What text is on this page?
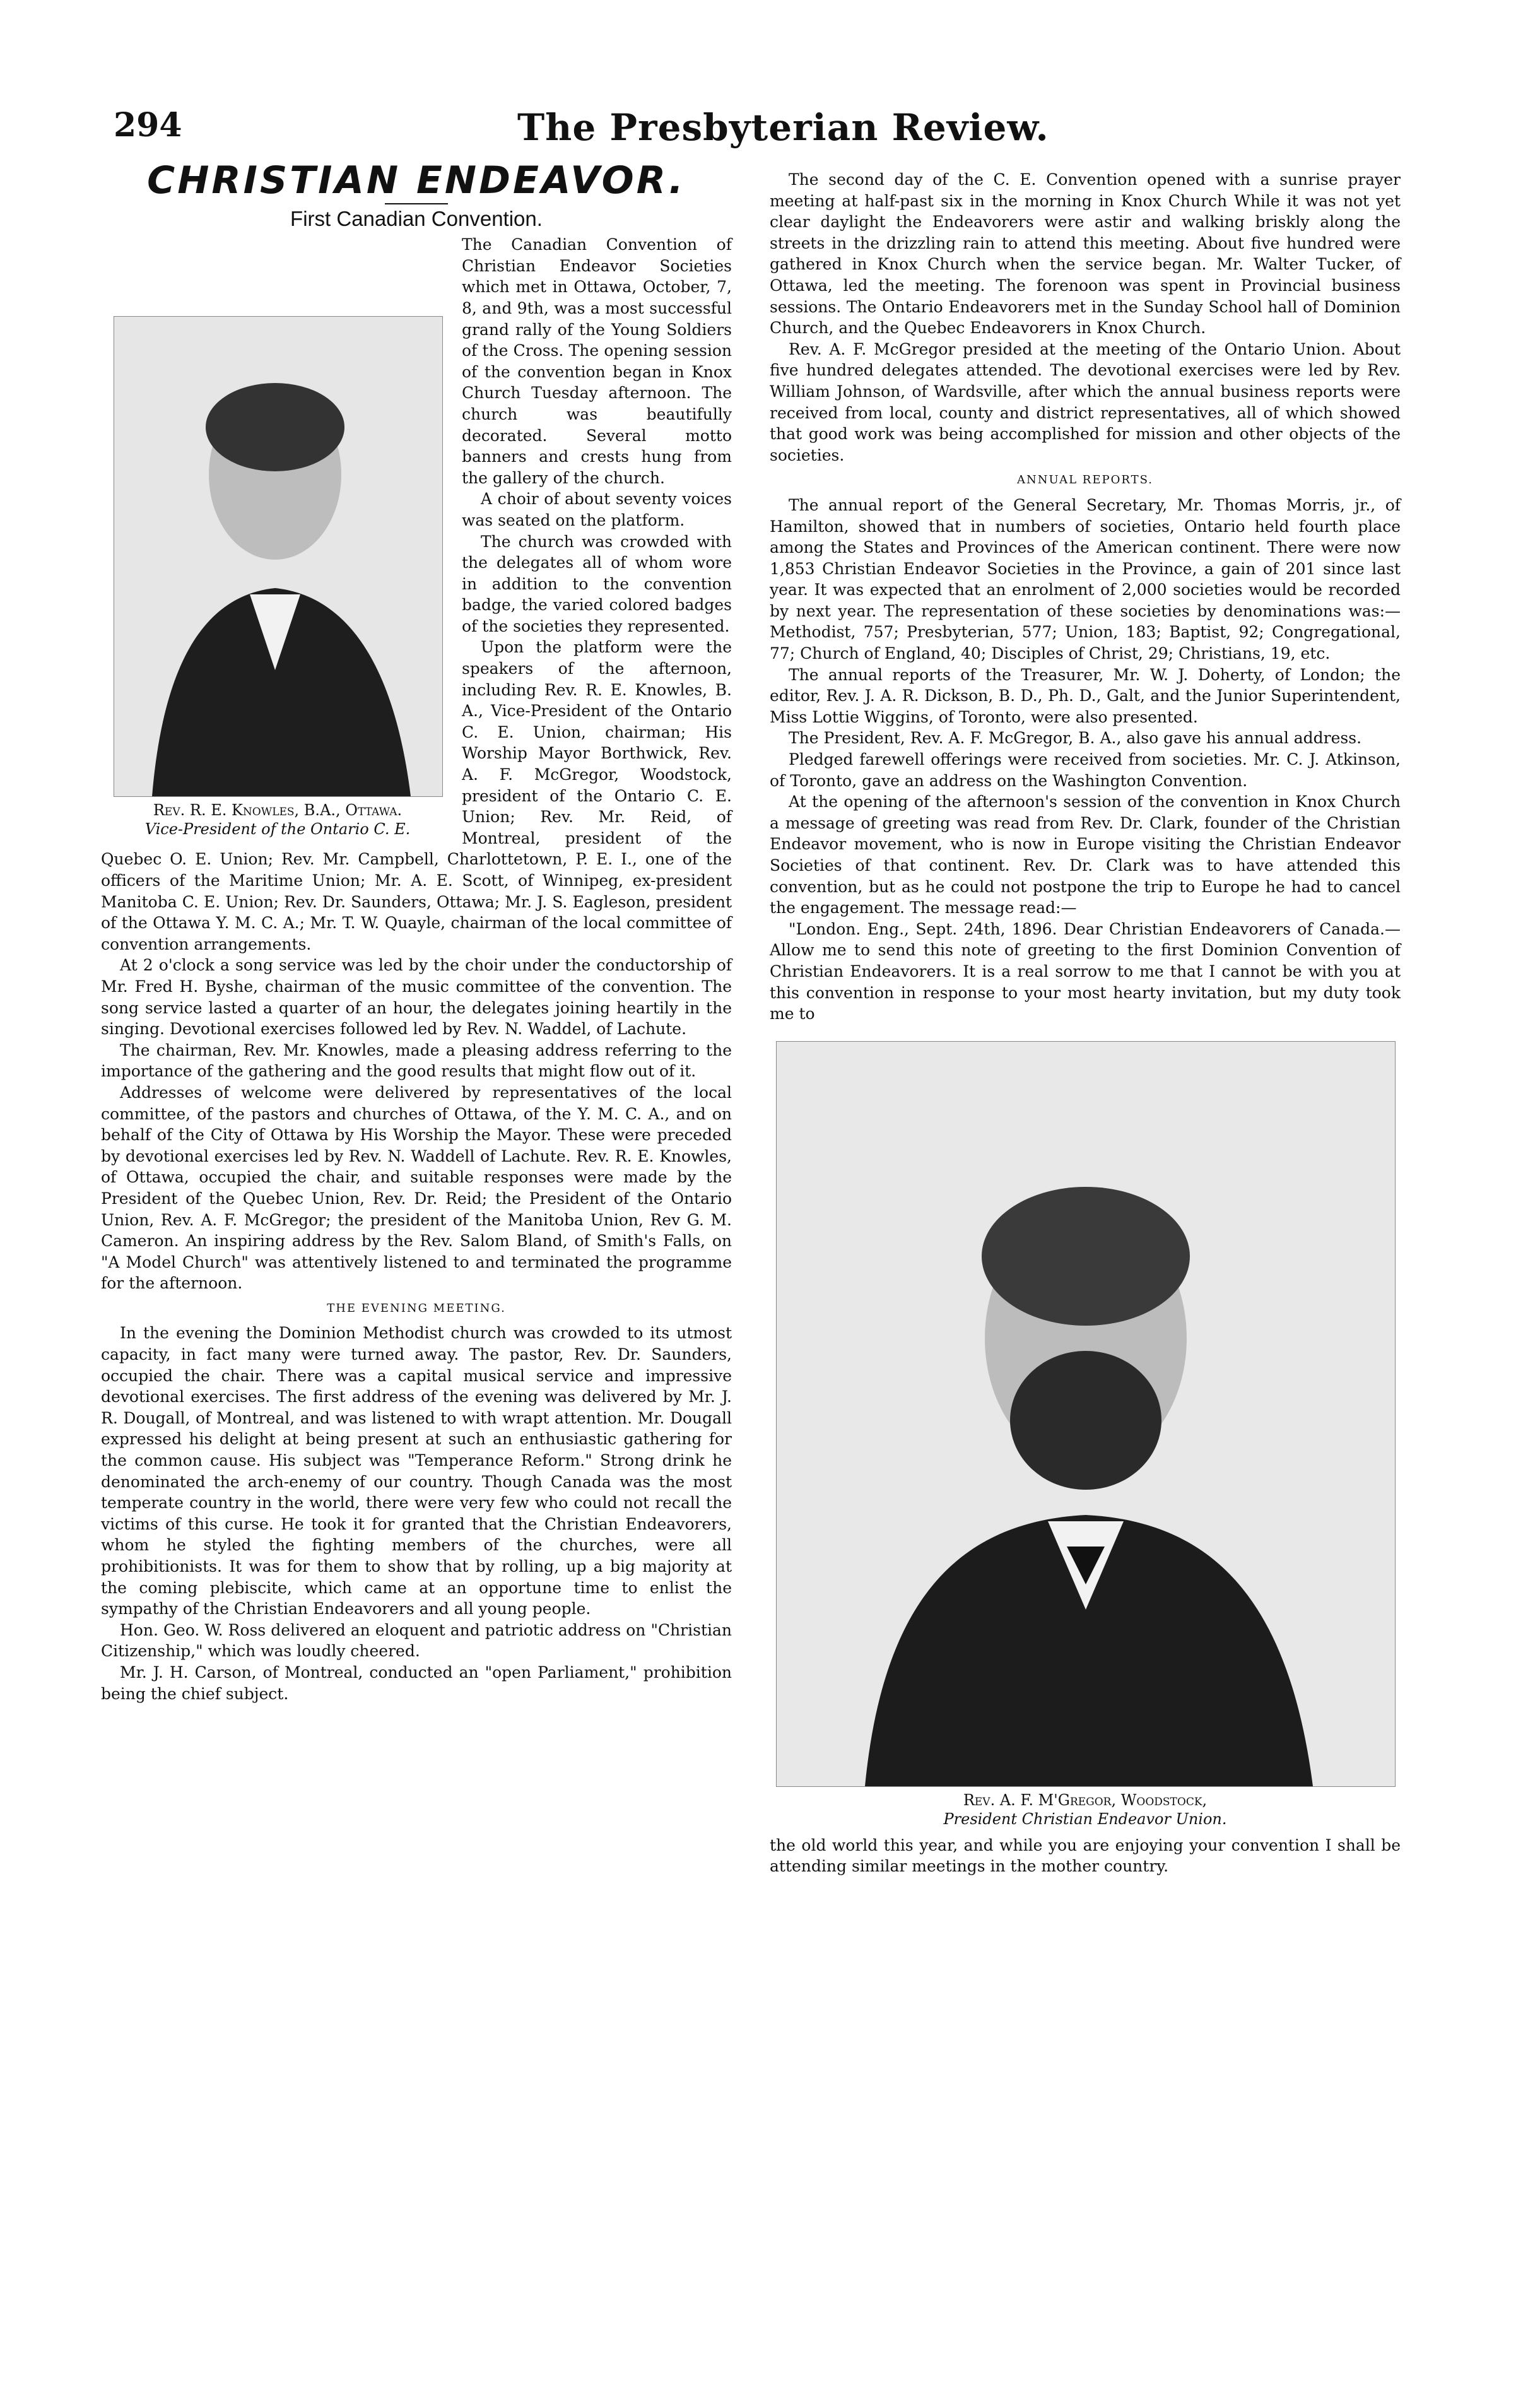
294	The Presbyterian Review.
CHRISTIAN ENDEAVOR.
First Canadian Convention.
Rev. R. E. Knowles, B.A., Ottawa.
Vice-President of the Ontario C. E.

The Canadian Convention of Christian Endeavor Societies which met in Ottawa, October, 7, 8, and 9th, was a most successful grand rally of the Young Soldiers of the Cross. The opening session of the convention began in Knox Church Tuesday afternoon. The church was beautifully decorated. Several motto banners and crests hung from the gallery of the church.

A choir of about seventy voices was seated on the platform.

The church was crowded with the delegates all of whom wore in addition to the convention badge, the varied colored badges of the societies they represented.

Upon the platform were the speakers of the afternoon, including Rev. R. E. Knowles, B. A., Vice-President of the Ontario C. E. Union, chairman; His Worship Mayor Borthwick, Rev. A. F. McGregor, Woodstock, president of the Ontario C. E. Union; Rev. Mr. Reid, of Montreal, president of the Quebec O. E. Union; Rev. Mr. Campbell, Charlottetown, P. E. I., one of the officers of the Maritime Union; Mr. A. E. Scott, of Winnipeg, ex-president Manitoba C. E. Union; Rev. Dr. Saunders, Ottawa; Mr. J. S. Eagleson, president of the Ottawa Y. M. C. A.; Mr. T. W. Quayle, chairman of the local committee of convention arrangements.

At 2 o'clock a song service was led by the choir under the conductorship of Mr. Fred H. Byshe, chairman of the music committee of the convention. The song service lasted a quarter of an hour, the delegates joining heartily in the singing. Devotional exercises followed led by Rev. N. Waddel, of Lachute.

The chairman, Rev. Mr. Knowles, made a pleasing address referring to the importance of the gathering and the good results that might flow out of it.

Addresses of welcome were delivered by representatives of the local committee, of the pastors and churches of Ottawa, of the Y. M. C. A., and on behalf of the City of Ottawa by His Worship the Mayor. These were preceded by devotional exercises led by Rev. N. Waddell of Lachute. Rev. R. E. Knowles, of Ottawa, occupied the chair, and suitable responses were made by the President of the Quebec Union, Rev. Dr. Reid; the President of the Ontario Union, Rev. A. F. McGregor; the president of the Manitoba Union, Rev G. M. Cameron. An inspiring address by the Rev. Salom Bland, of Smith's Falls, on "A Model Church" was attentively listened to and terminated the programme for the afternoon.

THE EVENING MEETING.

In the evening the Dominion Methodist church was crowded to its utmost capacity, in fact many were turned away. The pastor, Rev. Dr. Saunders, occupied the chair. There was a capital musical service and impressive devotional exercises. The first address of the evening was delivered by Mr. J. R. Dougall, of Montreal, and was listened to with wrapt attention. Mr. Dougall expressed his delight at being present at such an enthusiastic gathering for the common cause. His subject was "Temperance Reform." Strong drink he denominated the arch-enemy of our country. Though Canada was the most temperate country in the world, there were very few who could not recall the victims of this curse. He took it for granted that the Christian Endeavorers, whom he styled the fighting members of the churches, were all prohibitionists. It was for them to show that by rolling, up a big majority at the coming plebiscite, which came at an opportune time to enlist the sympathy of the Christian Endeavorers and all young people.

Hon. Geo. W. Ross delivered an eloquent and patriotic address on "Christian Citizenship," which was loudly cheered.

Mr. J. H. Carson, of Montreal, conducted an "open Parliament," prohibition being the chief subject.

The second day of the C. E. Convention opened with a sunrise prayer meeting at half-past six in the morning in Knox Church While it was not yet clear daylight the Endeavorers were astir and walking briskly along the streets in the drizzling rain to attend this meeting. About five hundred were gathered in Knox Church when the service began. Mr. Walter Tucker, of Ottawa, led the meeting. The forenoon was spent in Provincial business sessions. The Ontario Endeavorers met in the Sunday School hall of Dominion Church, and the Quebec Endeavorers in Knox Church.

Rev. A. F. McGregor presided at the meeting of the Ontario Union. About five hundred delegates attended. The devotional exercises were led by Rev. William Johnson, of Wardsville, after which the annual business reports were received from local, county and district representatives, all of which showed that good work was being accomplished for mission and other objects of the societies.

ANNUAL REPORTS.

The annual report of the General Secretary, Mr. Thomas Morris, jr., of Hamilton, showed that in numbers of societies, Ontario held fourth place among the States and Provinces of the American continent. There were now 1,853 Christian Endeavor Societies in the Province, a gain of 201 since last year. It was expected that an enrolment of 2,000 societies would be recorded by next year. The representation of these societies by denominations was:—Methodist, 757; Presbyterian, 577; Union, 183; Baptist, 92; Congregational, 77; Church of England, 40; Disciples of Christ, 29; Christians, 19, etc.

The annual reports of the Treasurer, Mr. W. J. Doherty, of London; the editor, Rev. J. A. R. Dickson, B. D., Ph. D., Galt, and the Junior Superintendent, Miss Lottie Wiggins, of Toronto, were also presented.

The President, Rev. A. F. McGregor, B. A., also gave his annual address.

Pledged farewell offerings were received from societies. Mr. C. J. Atkinson, of Toronto, gave an address on the Washington Convention.

At the opening of the afternoon's session of the convention in Knox Church a message of greeting was read from Rev. Dr. Clark, founder of the Christian Endeavor movement, who is now in Europe visiting the Christian Endeavor Societies of that continent. Rev. Dr. Clark was to have attended this convention, but as he could not postpone the trip to Europe he had to cancel the engagement. The message read:—

"London. Eng., Sept. 24th, 1896. Dear Christian Endeavorers of Canada.—Allow me to send this note of greeting to the first Dominion Convention of Christian Endeavorers. It is a real sorrow to me that I cannot be with you at this convention in response to your most hearty invitation, but my duty took me to

Rev. A. F. M'Gregor, Woodstock,
President Christian Endeavor Union.

the old world this year, and while you are enjoying your convention I shall be attending similar meetings in the mother country.
